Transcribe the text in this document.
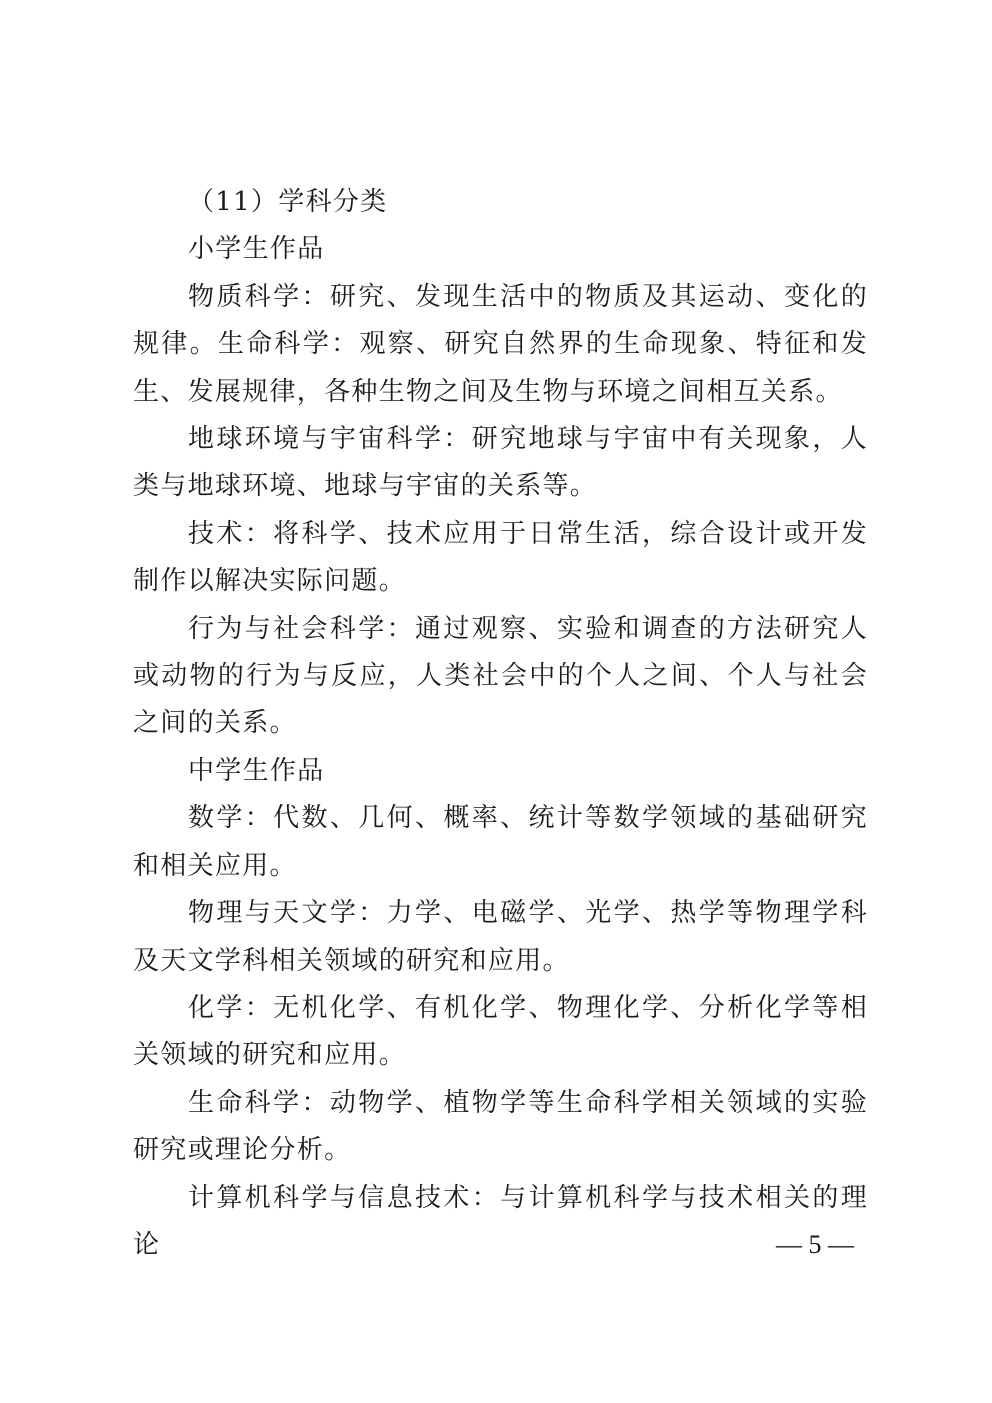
（11）学科分类

小学生作品

物质科学：研究、发现生活中的物质及其运动、变化的规律。生命科学：观察、研究自然界的生命现象、特征和发生、发展规律，各种生物之间及生物与环境之间相互关系。

地球环境与宇宙科学：研究地球与宇宙中有关现象，人类与地球环境、地球与宇宙的关系等。

技术：将科学、技术应用于日常生活，综合设计或开发制作以解决实际问题。

行为与社会科学：通过观察、实验和调查的方法研究人或动物的行为与反应，人类社会中的个人之间、个人与社会之间的关系。

中学生作品

数学：代数、几何、概率、统计等数学领域的基础研究和相关应用。

物理与天文学：力学、电磁学、光学、热学等物理学科及天文学科相关领域的研究和应用。

化学：无机化学、有机化学、物理化学、分析化学等相关领域的研究和应用。

生命科学：动物学、植物学等生命科学相关领域的实验研究或理论分析。

计算机科学与信息技术：与计算机科学与技术相关的理论	— 5 —
